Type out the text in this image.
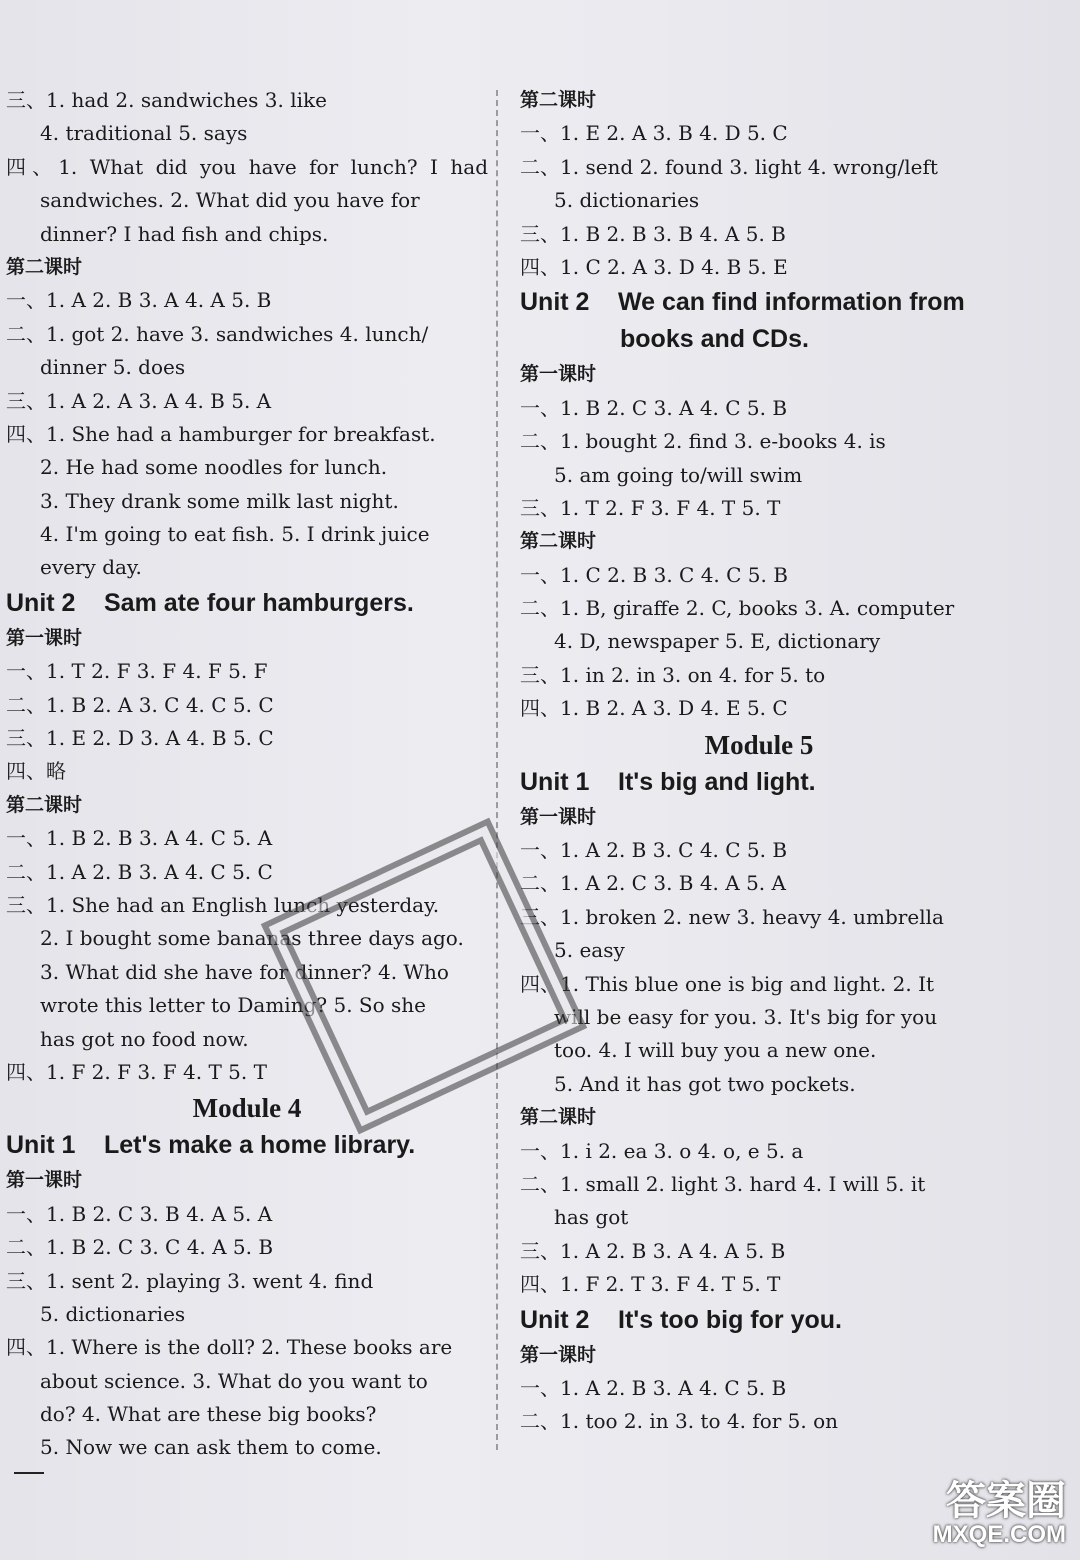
三、1. had 2. sandwiches 3. like
4. traditional 5. says
四、1. What did you have for lunch? I had
sandwiches. 2. What did you have for
dinner? I had fish and chips.
第二课时
一、1. A 2. B 3. A 4. A 5. B
二、1. got 2. have 3. sandwiches 4. lunch/
dinner 5. does
三、1. A 2. A 3. A 4. B 5. A
四、1. She had a hamburger for breakfast.
2. He had some noodles for lunch.
3. They drank some milk last night.
4. I'm going to eat fish. 5. I drink juice
every day.
Unit 2 Sam ate four hamburgers.
第一课时
一、1. T 2. F 3. F 4. F 5. F
二、1. B 2. A 3. C 4. C 5. C
三、1. E 2. D 3. A 4. B 5. C
四、略
第二课时
一、1. B 2. B 3. A 4. C 5. A
二、1. A 2. B 3. A 4. C 5. C
三、1. She had an English lunch yesterday.
2. I bought some bananas three days ago.
3. What did she have for dinner? 4. Who
wrote this letter to Daming? 5. So she
has got no food now.
四、1. F 2. F 3. F 4. T 5. T
Module 4
Unit 1 Let's make a home library.
第一课时
一、1. B 2. C 3. B 4. A 5. A
二、1. B 2. C 3. C 4. A 5. B
三、1. sent 2. playing 3. went 4. find
5. dictionaries
四、1. Where is the doll? 2. These books are
about science. 3. What do you want to
do? 4. What are these big books?
5. Now we can ask them to come.
第二课时
一、1. E 2. A 3. B 4. D 5. C
二、1. send 2. found 3. light 4. wrong/left
5. dictionaries
三、1. B 2. B 3. B 4. A 5. B
四、1. C 2. A 3. D 4. B 5. E
Unit 2 We can find information from
books and CDs.
第一课时
一、1. B 2. C 3. A 4. C 5. B
二、1. bought 2. find 3. e-books 4. is
5. am going to/will swim
三、1. T 2. F 3. F 4. T 5. T
第二课时
一、1. C 2. B 3. C 4. C 5. B
二、1. B, giraffe 2. C, books 3. A. computer
4. D, newspaper 5. E, dictionary
三、1. in 2. in 3. on 4. for 5. to
四、1. B 2. A 3. D 4. E 5. C
Module 5
Unit 1 It's big and light.
第一课时
一、1. A 2. B 3. C 4. C 5. B
二、1. A 2. C 3. B 4. A 5. A
三、1. broken 2. new 3. heavy 4. umbrella
5. easy
四、1. This blue one is big and light. 2. It
will be easy for you. 3. It's big for you
too. 4. I will buy you a new one.
5. And it has got two pockets.
第二课时
一、1. i 2. ea 3. o 4. o, e 5. a
二、1. small 2. light 3. hard 4. I will 5. it
has got
三、1. A 2. B 3. A 4. A 5. B
四、1. F 2. T 3. F 4. T 5. T
Unit 2 It's too big for you.
第一课时
一、1. A 2. B 3. A 4. C 5. B
二、1. too 2. in 3. to 4. for 5. on
答案圈
MXQE.COM
